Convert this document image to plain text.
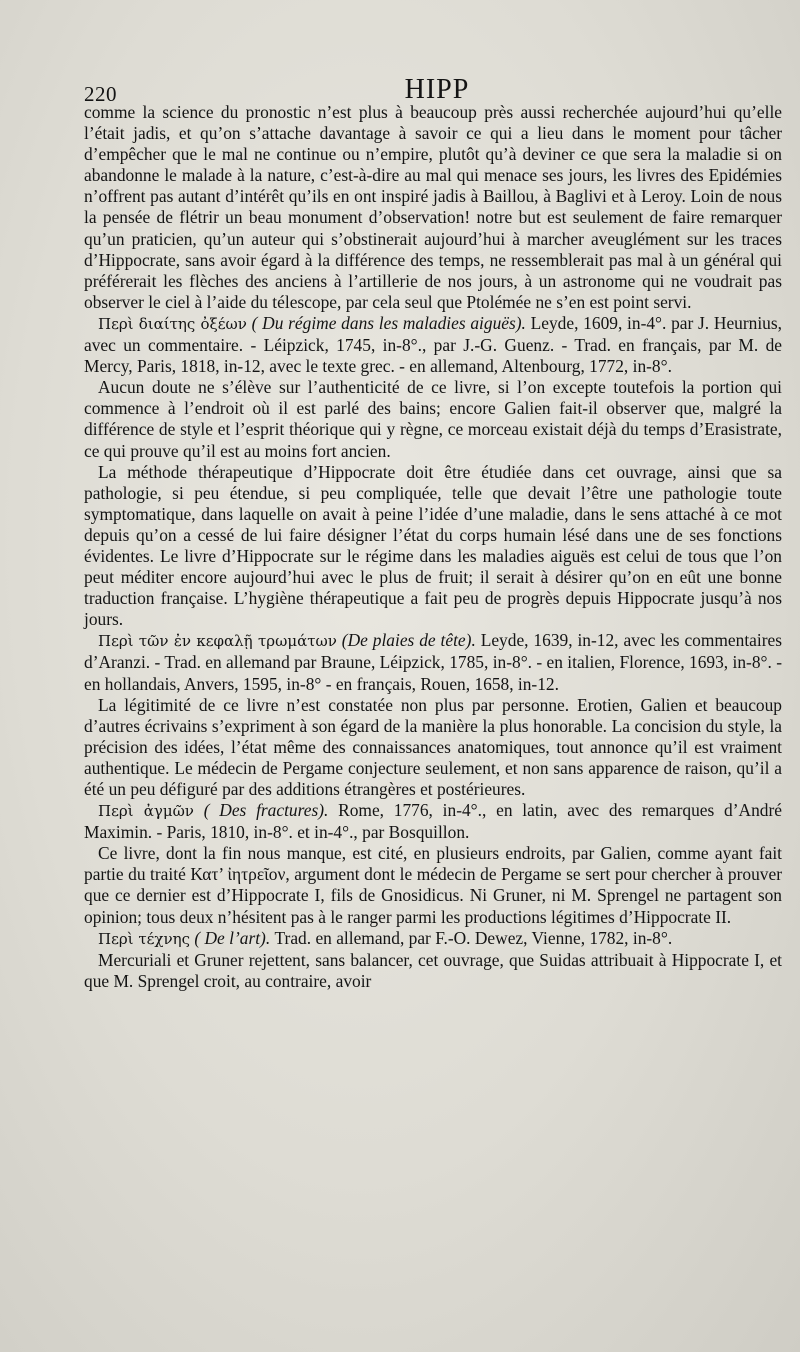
220	HIPP

comme la science du pronostic n’est plus à beaucoup près aussi recherchée aujourd’hui qu’elle l’était jadis, et qu’on s’attache davantage à savoir ce qui a lieu dans le moment pour tâcher d’empêcher que le mal ne continue ou n’empire, plutôt qu’à deviner ce que sera la maladie si on abandonne le malade à la nature, c’est-à-dire au mal qui menace ses jours, les livres des Epidémies n’offrent pas autant d’intérêt qu’ils en ont inspiré jadis à Baillou, à Baglivi et à Leroy. Loin de nous la pensée de flétrir un beau monument d’observation! notre but est seulement de faire remarquer qu’un praticien, qu’un auteur qui s’obstinerait aujourd’hui à marcher aveuglément sur les traces d’Hippocrate, sans avoir égard à la différence des temps, ne ressemblerait pas mal à un général qui préférerait les flèches des anciens à l’artillerie de nos jours, à un astronome qui ne voudrait pas observer le ciel à l’aide du télescope, par cela seul que Ptolémée ne s’en est point servi.

Περὶ διαίτης ὀξέων ( Du régime dans les maladies aiguës). Leyde, 1609, in-4°. par J. Heurnius, avec un commentaire. - Léipzick, 1745, in-8°., par J.-G. Guenz. - Trad. en français, par M. de Mercy, Paris, 1818, in-12, avec le texte grec. - en allemand, Altenbourg, 1772, in-8°.

Aucun doute ne s’élève sur l’authenticité de ce livre, si l’on excepte toutefois la portion qui commence à l’endroit où il est parlé des bains; encore Galien fait-il observer que, malgré la différence de style et l’esprit théorique qui y règne, ce morceau existait déjà du temps d’Erasistrate, ce qui prouve qu’il est au moins fort ancien.

La méthode thérapeutique d’Hippocrate doit être étudiée dans cet ouvrage, ainsi que sa pathologie, si peu étendue, si peu compliquée, telle que devait l’être une pathologie toute symptomatique, dans laquelle on avait à peine l’idée d’une maladie, dans le sens attaché à ce mot depuis qu’on a cessé de lui faire désigner l’état du corps humain lésé dans une de ses fonctions évidentes. Le livre d’Hippocrate sur le régime dans les maladies aiguës est celui de tous que l’on peut méditer encore aujourd’hui avec le plus de fruit; il serait à désirer qu’on en eût une bonne traduction française. L’hygiène thérapeutique a fait peu de progrès depuis Hippocrate jusqu’à nos jours.

Περὶ τῶν ἐν κεφαλῇ τρωμάτων (De plaies de tête). Leyde, 1639, in-12, avec les commentaires d’Aranzi. - Trad. en allemand par Braune, Léipzick, 1785, in-8°. - en italien, Florence, 1693, in-8°. - en hollandais, Anvers, 1595, in-8° - en français, Rouen, 1658, in-12.

La légitimité de ce livre n’est constatée non plus par personne. Erotien, Galien et beaucoup d’autres écrivains s’expriment à son égard de la manière la plus honorable. La concision du style, la précision des idées, l’état même des connaissances anatomiques, tout annonce qu’il est vraiment authentique. Le médecin de Pergame conjecture seulement, et non sans apparence de raison, qu’il a été un peu défiguré par des additions étrangères et postérieures.

Περὶ ἀγμῶν ( Des fractures). Rome, 1776, in-4°., en latin, avec des remarques d’André Maximin. - Paris, 1810, in-8°. et in-4°., par Bosquillon.

Ce livre, dont la fin nous manque, est cité, en plusieurs endroits, par Galien, comme ayant fait partie du traité Κατ’ ἰητρεῖον, argument dont le médecin de Pergame se sert pour chercher à prouver que ce dernier est d’Hippocrate I, fils de Gnosidicus. Ni Gruner, ni M. Sprengel ne partagent son opinion; tous deux n’hésitent pas à le ranger parmi les productions légitimes d’Hippocrate II.

Περὶ τέχνης ( De l’art). Trad. en allemand, par F.-O. Dewez, Vienne, 1782, in-8°.

Mercuriali et Gruner rejettent, sans balancer, cet ouvrage, que Suidas attribuait à Hippocrate I, et que M. Sprengel croit, au contraire, avoir
